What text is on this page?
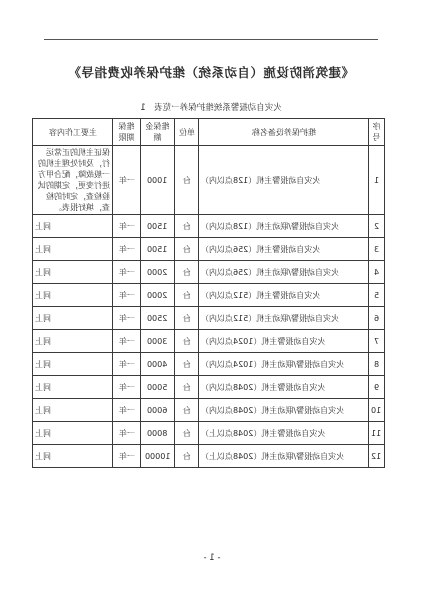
《建筑消防设施（自动系统）维护保养收费指导》
火灾自动报警系统维护保养一览表　1
主要工作内容	维保期限	维保金额	单位	维护保养设备名称	序号
保证主机的正常运行，及时处理主机的一般故障，配合甲方进行变更，定期的试验检查，定时的检查，填好报表。	一年	1000	台	火灾自动报警主机（128点以内）	1
同上	一年	1500	台	火灾自动报警/联动主机（128点以内）	2
同上	一年	1500	台	火灾自动报警主机（256点以内）	3
同上	一年	2000	台	火灾自动报警/联动主机（256点以内）	4
同上	一年	2000	台	火灾自动报警主机（512点以内）	5
同上	一年	2500	台	火灾自动报警/联动主机（512点以内）	6
同上	一年	3000	台	火灾自动报警主机（1024点以内）	7
同上	一年	4000	台	火灾自动报警/联动主机（1024点以内）	8
同上	一年	5000	台	火灾自动报警主机（2048点以内）	9
同上	一年	6000	台	火灾自动报警/联动主机（2048点以内）	10
同上	一年	8000	台	火灾自动报警主机（2048点以上）	11
同上	一年	10000	台	火灾自动报警/联动主机（2048点以上）	12
- 1 -
